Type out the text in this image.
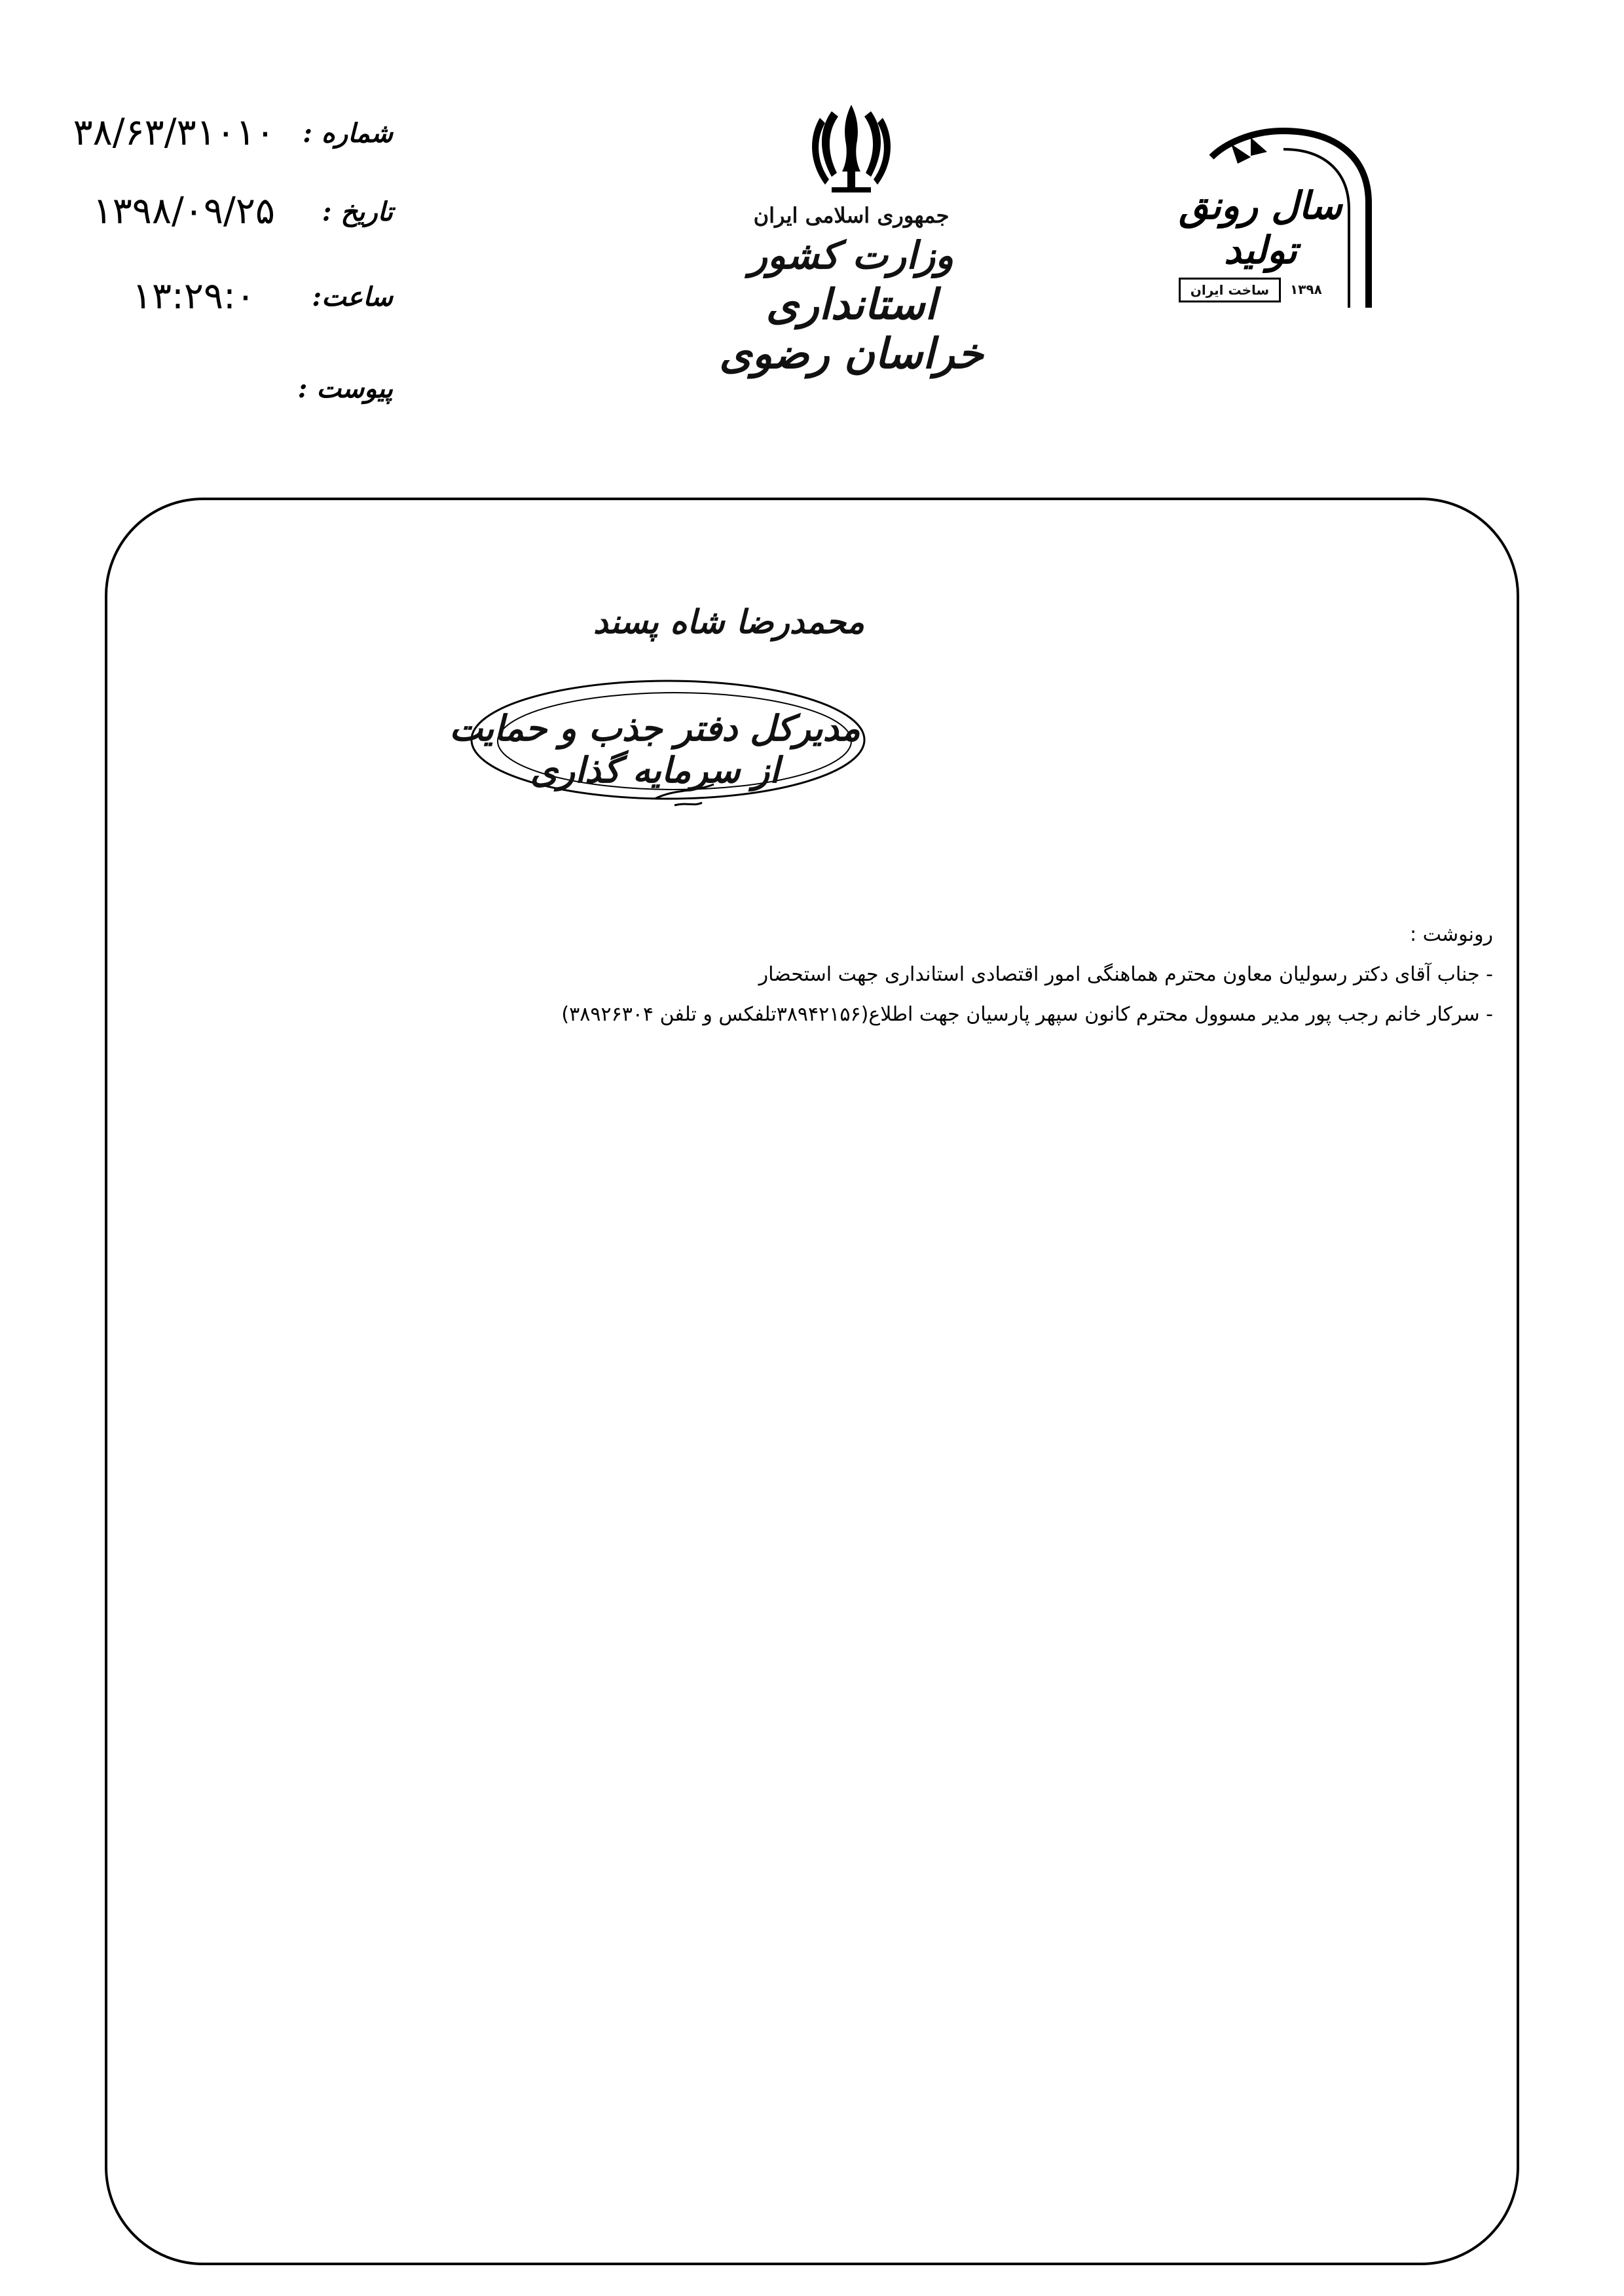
۳۸/۶۳/۳۱۰۱۰	شماره :
۱۳۹۸/۰۹/۲۵	تاریخ :
۱۳:۲۹:۰	ساعت:
پیوست :
جمهوری اسلامی ایران
وزارت کشور
استانداری خراسان رضوی
سال رونق تولید
۱۳۹۸
ساخت ایران
محمدرضا شاه پسند
مدیرکل دفتر جذب و حمایت از سرمایه گذاری
رونوشت :
- جناب آقای دکتر رسولیان معاون محترم هماهنگی امور اقتصادی استانداری جهت استحضار
- سرکار خانم رجب پور مدیر مسوول محترم کانون سپهر پارسیان جهت اطلاع(۳۸۹۴۲۱۵۶تلفکس و تلفن ۳۸۹۲۶۳۰۴)
